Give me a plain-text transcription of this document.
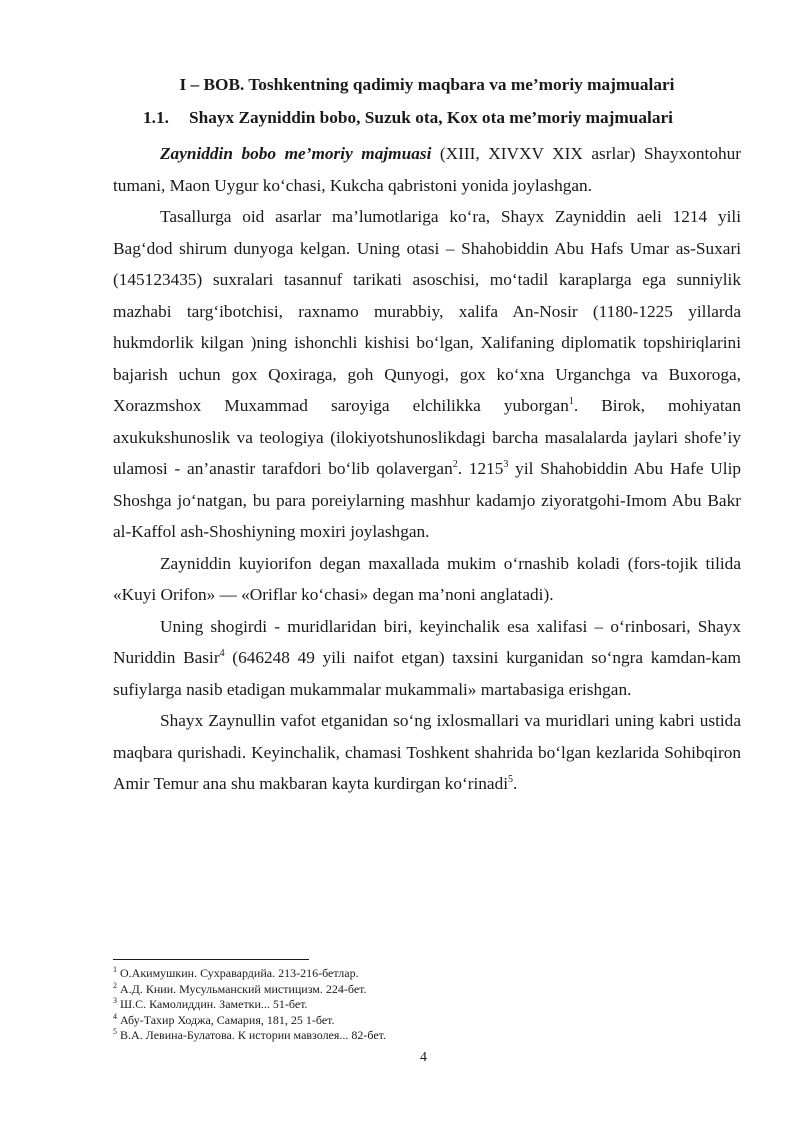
I – BOB. Toshkentning qadimiy maqbara va me’moriy majmualari
1.1. Shayx Zayniddin bobo, Suzuk ota, Kox ota me’moriy majmualari

Zayniddin bobo me’moriy majmuasi (XIII, XIVXV XIX asrlar) Shayxontohur tumani, Maon Uygur ko‘chasi, Kukcha qabristoni yonida joylashgan.

Tasallurga oid asarlar ma’lumotlariga ko‘ra, Shayx Zayniddin aeli 1214 yili Bag‘dod shirum dunyoga kelgan. Uning otasi – Shahobiddin Abu Hafs Umar as-Suxari (145123435) suxralari tasannuf tarikati asoschisi, mo‘tadil karaplarga ega sunniylik mazhabi targ‘ibotchisi, raxnamo murabbiy, xalifa An-Nosir (1180-1225 yillarda hukmdorlik kilgan )ning ishonchli kishisi bo‘lgan, Xalifaning diplomatik topshiriqlarini bajarish uchun gox Qoxiraga, goh Qunyogi, gox ko‘xna Urganchga va Buxoroga, Xorazmshox Muxammad saroyiga elchilikka yuborgan$^1$. Birok, mohiyatan axukukshunoslik va teologiya (ilokiyotshunoslikdagi barcha masalalarda jaylari shofe’iy ulamosi - an’anastir tarafdori bo‘lib qolavergan$^2$. 1215$^3$ yil Shahobiddin Abu Hafe Ulip Shoshga jo‘natgan, bu para poreiylarning mashhur kadamjo ziyoratgohi-Imom Abu Bakr al-Kaffol ash-Shoshiyning moxiri joylashgan.

Zayniddin kuyiorifon degan maxallada mukim o‘rnashib koladi (fors-tojik tilida «Kuyi Orifon» — «Oriflar ko‘chasi» degan ma’noni anglatadi).

Uning shogirdi - muridlaridan biri, keyinchalik esa xalifasi – o‘rinbosari, Shayx Nuriddin Basir$^4$ (646248 49 yili naifot etgan) taxsini kurganidan so‘ngra kamdan-kam sufiylarga nasib etadigan mukammalar mukammali» martabasiga erishgan.

Shayx Zaynullin vafot etganidan so‘ng ixlosmallari va muridlari uning kabri ustida maqbara qurishadi. Keyinchalik, chamasi Toshkent shahrida bo‘lgan kezlarida Sohibqiron Amir Temur ana shu makbaran kayta kurdirgan ko‘rinadi$^5$.

$^1$ О.Акимушкин. Сухравардийа. 213-216-бетлар.
$^2$ А.Д. Книи. Мусульманский мистицизм. 224-бет.
$^3$ Ш.С. Камолиддин. Заметки... 51-бет.
$^4$ Абу-Тахир Ходжа, Самария, 181, 25 1-бет.
$^5$ В.А. Левина-Булатова. К истории мавзолея... 82-бет.
4
